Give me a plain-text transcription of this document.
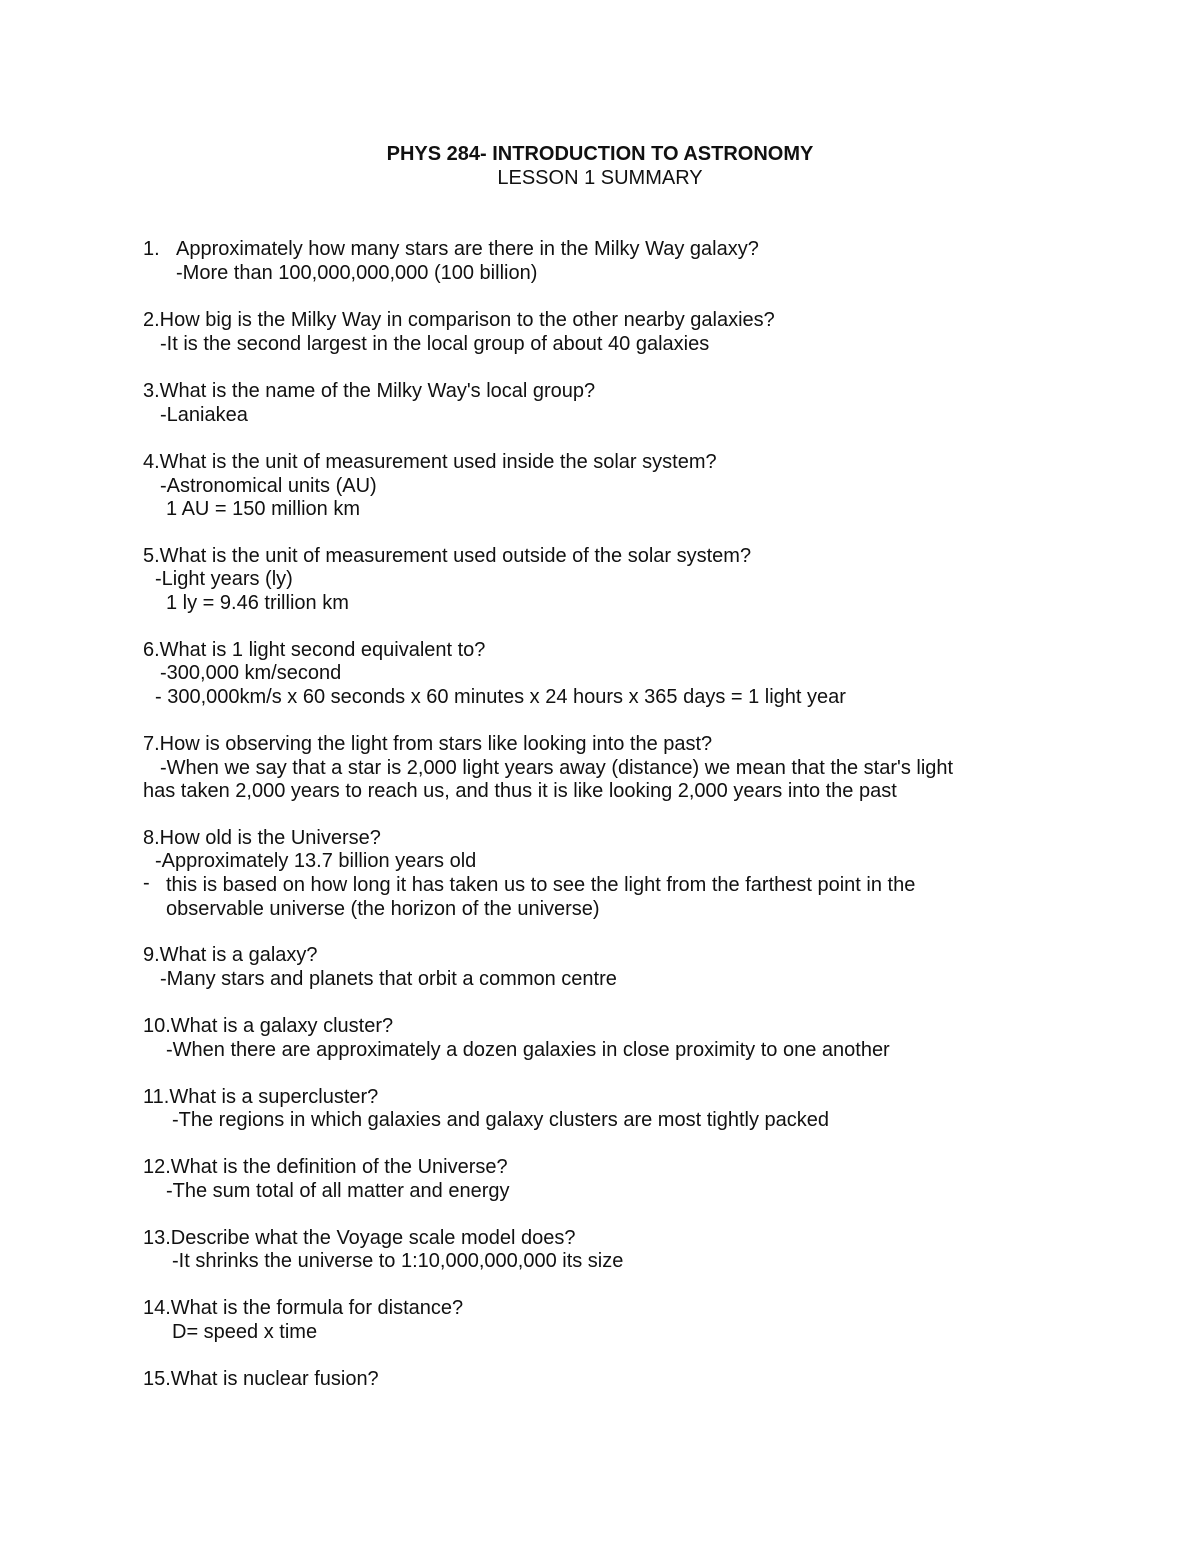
PHYS 284- INTRODUCTION TO ASTRONOMY
LESSON 1 SUMMARY
1. Approximately how many stars are there in the Milky Way galaxy?
-More than 100,000,000,000 (100 billion)
2.How big is the Milky Way in comparison to the other nearby galaxies?
-It is the second largest in the local group of about 40 galaxies
3.What is the name of the Milky Way's local group?
-Laniakea
4.What is the unit of measurement used inside the solar system?
-Astronomical units (AU)
1 AU = 150 million km
5.What is the unit of measurement used outside of the solar system?
-Light years (ly)
1 ly = 9.46 trillion km
6.What is 1 light second equivalent to?
-300,000 km/second
- 300,000km/s x 60 seconds x 60 minutes x 24 hours x 365 days = 1 light year
7.How is observing the light from stars like looking into the past?
-When we say that a star is 2,000 light years away (distance) we mean that the star's light
has taken 2,000 years to reach us, and thus it is like looking 2,000 years into the past
8.How old is the Universe?
-Approximately 13.7 billion years old
- this is based on how long it has taken us to see the light from the farthest point in the
observable universe (the horizon of the universe)
9.What is a galaxy?
-Many stars and planets that orbit a common centre
10.What is a galaxy cluster?
-When there are approximately a dozen galaxies in close proximity to one another
11.What is a supercluster?
-The regions in which galaxies and galaxy clusters are most tightly packed
12.What is the definition of the Universe?
-The sum total of all matter and energy
13.Describe what the Voyage scale model does?
-It shrinks the universe to 1:10,000,000,000 its size
14.What is the formula for distance?
D= speed x time
15.What is nuclear fusion?
